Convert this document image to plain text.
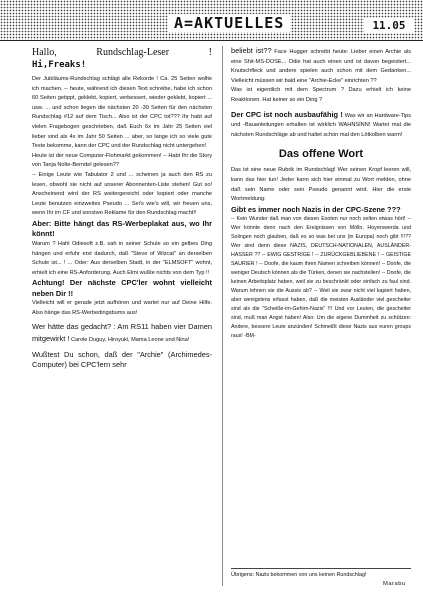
A=AKTUELLES	11.05
Hallo,	Rundschlag-Leser	!
Hi,Freaks!

Der Jubiläums-Rundschlag schlägt alle Rekorde ! Ca. 25 Seiten wollte ich machen. -- heute, während ich diesen Text schreibe, habe ich schon 60 Seiten getippt, geklebt, kopiert, verbessert, wieder geklebt, kopiert ... usw. ... und schon liegen die nächsten 20 -30 Seiten für den nächsten Rundschlag #12 auf dem Tisch... Also ist der CPC tot??? Ihr habt auf vielen Fragebogen geschrieben, daß Euch 6x im Jahr 25 Seiten viel lieber sind als 4x im Jahr 50 Seiten ... aber, so lange ich so viele gute Texte bekomme, kann der CPC und der Rundschlag nicht untergehen!

Heute ist der neue Computer-Flohmarkt gekommen! -- Habt Ihr die Story von Tanja Nolte-Berndel gelesen??

-- Einige Leute wie Tabulator 2 und ... scheinen ja auch den RS zu lesen, obwohl sie nicht auf unserer Abonnenten-Liste stehen! Gut so! Anscheinend wird der RS weitergereicht oder kopiert oder manche Leute benutzen einzweites Pseudo ... Sei's wie's will, wir freuen uns, wenn Ihr im CF und sonstwo Reklame für den Rundschlag macht!!

Aber: Bitte hängt das RS-Werbeplakat aus, wo Ihr könnt!

Warum ? Hahl Odiesoft z.B. sah in seiner Schule so ein gelbes Ding hängen und erfuhr erst dadurch, daß "Steve of Wizcat" an derselben Schule ist... ! ... Oder: Aus derselben Stadt, in der "ELMSOFT" wohnt, erhielt ich eine RS-Anforderung. Auch Elmi wußte nichts von dem Typ !!

Achtung! Der nächste CPC'ler wohnt vielleicht neben Dir !!

Vielleicht will er gerade jetzt aufhören und wartet nur auf Deine Hilfe. Also hänge das RS-Werbedingsbums aus!

Wer hätte das gedacht? : Am RS11 haben vier Damen mitgewirkt ! Carole Duguy, Hiroyuki, Mama Leone und Nina!

Wußtest Du schon, daß der "Archie" (Archimedes-Computer) bei CPC'lern sehr

beliebt ist?? Face Hugger schreibt heute: Lieber einen Archie als eine Shit-MS-DOSE... Odie hat auch einen und ist davon begeistert... Knutschfleck und andere spielen auch schon mit dem Gedanken... Vielleicht müssen wir bald eine "Archie-Ecke" einrichten ??

Was ist eigentlich mit dem Spectrum ? Dazu erhielt ich keine Reaktionen. Hat keiner so ein Ding ?

Der CPC ist noch ausbaufähig ! Was wir an Hardware-Tips und -Bauanleitungen erhalten ist wirklich WAHNSINN! Wartet mal die nächsten Rundschläge ab und haltet schon mal den Lötkolben warm!

Das offene Wort

Das ist eine neue Rubrik im Rundschlag! Wer seinen Kropf leeren will, kann das hier tun! Jeder kann sich hier einmal zu Wort melden, ohne daß sein Name oder sein Pseudo genannt wird. Hier die erste Wortmeldung:

Gibt es immer noch Nazis in der CPC-Szene ???

-- Kein Wunder daß man von diesen Exoten nur noch selten etwas hört! -- Wer könnte denn nach den Ereignissen von Mölln, Hoyerswerda und Solingen noch glauben, daß es so was bei uns (in Europa) noch gibt !!!?? Wer sind denn diese NAZIS, DEUTSCH-NATIONALEN, AUSLÄNDER-HASSER ?? -- EWIG GESTRIGE ! -- ZURÜCKGEBLIEBENE ! -- GEISTIGE SAURIER ! -- Doofe, die kaum ihren Namen schreiben können! -- Doofe, die weniger Deutsch können als die Türken, denen sie nachstellen! -- Doofe, die keinen Arbeitsplatz haben, weil sie zu beschränkt oder einfach zu faul sind. Warum lehnen sie die Aussis ab? -- Weil sie zwar nicht viel kapiert haben, aber wenigstens erfasst haben, daß die meisten Ausländer viel gescheiter sind als die "Scheiße-im-Gehirn-Nazis" !!! Und vor Leuten, die gescheiter sind, muß man Angst haben! Also: Um die eigene Dummheit zu schützen: Andere, bessere Leute anzünden! Schmeißt diese Nazis aus euren groups raus! -BM-

Übrigens: Nazis bekommen von uns keinen Rundschlag!
Marabu
